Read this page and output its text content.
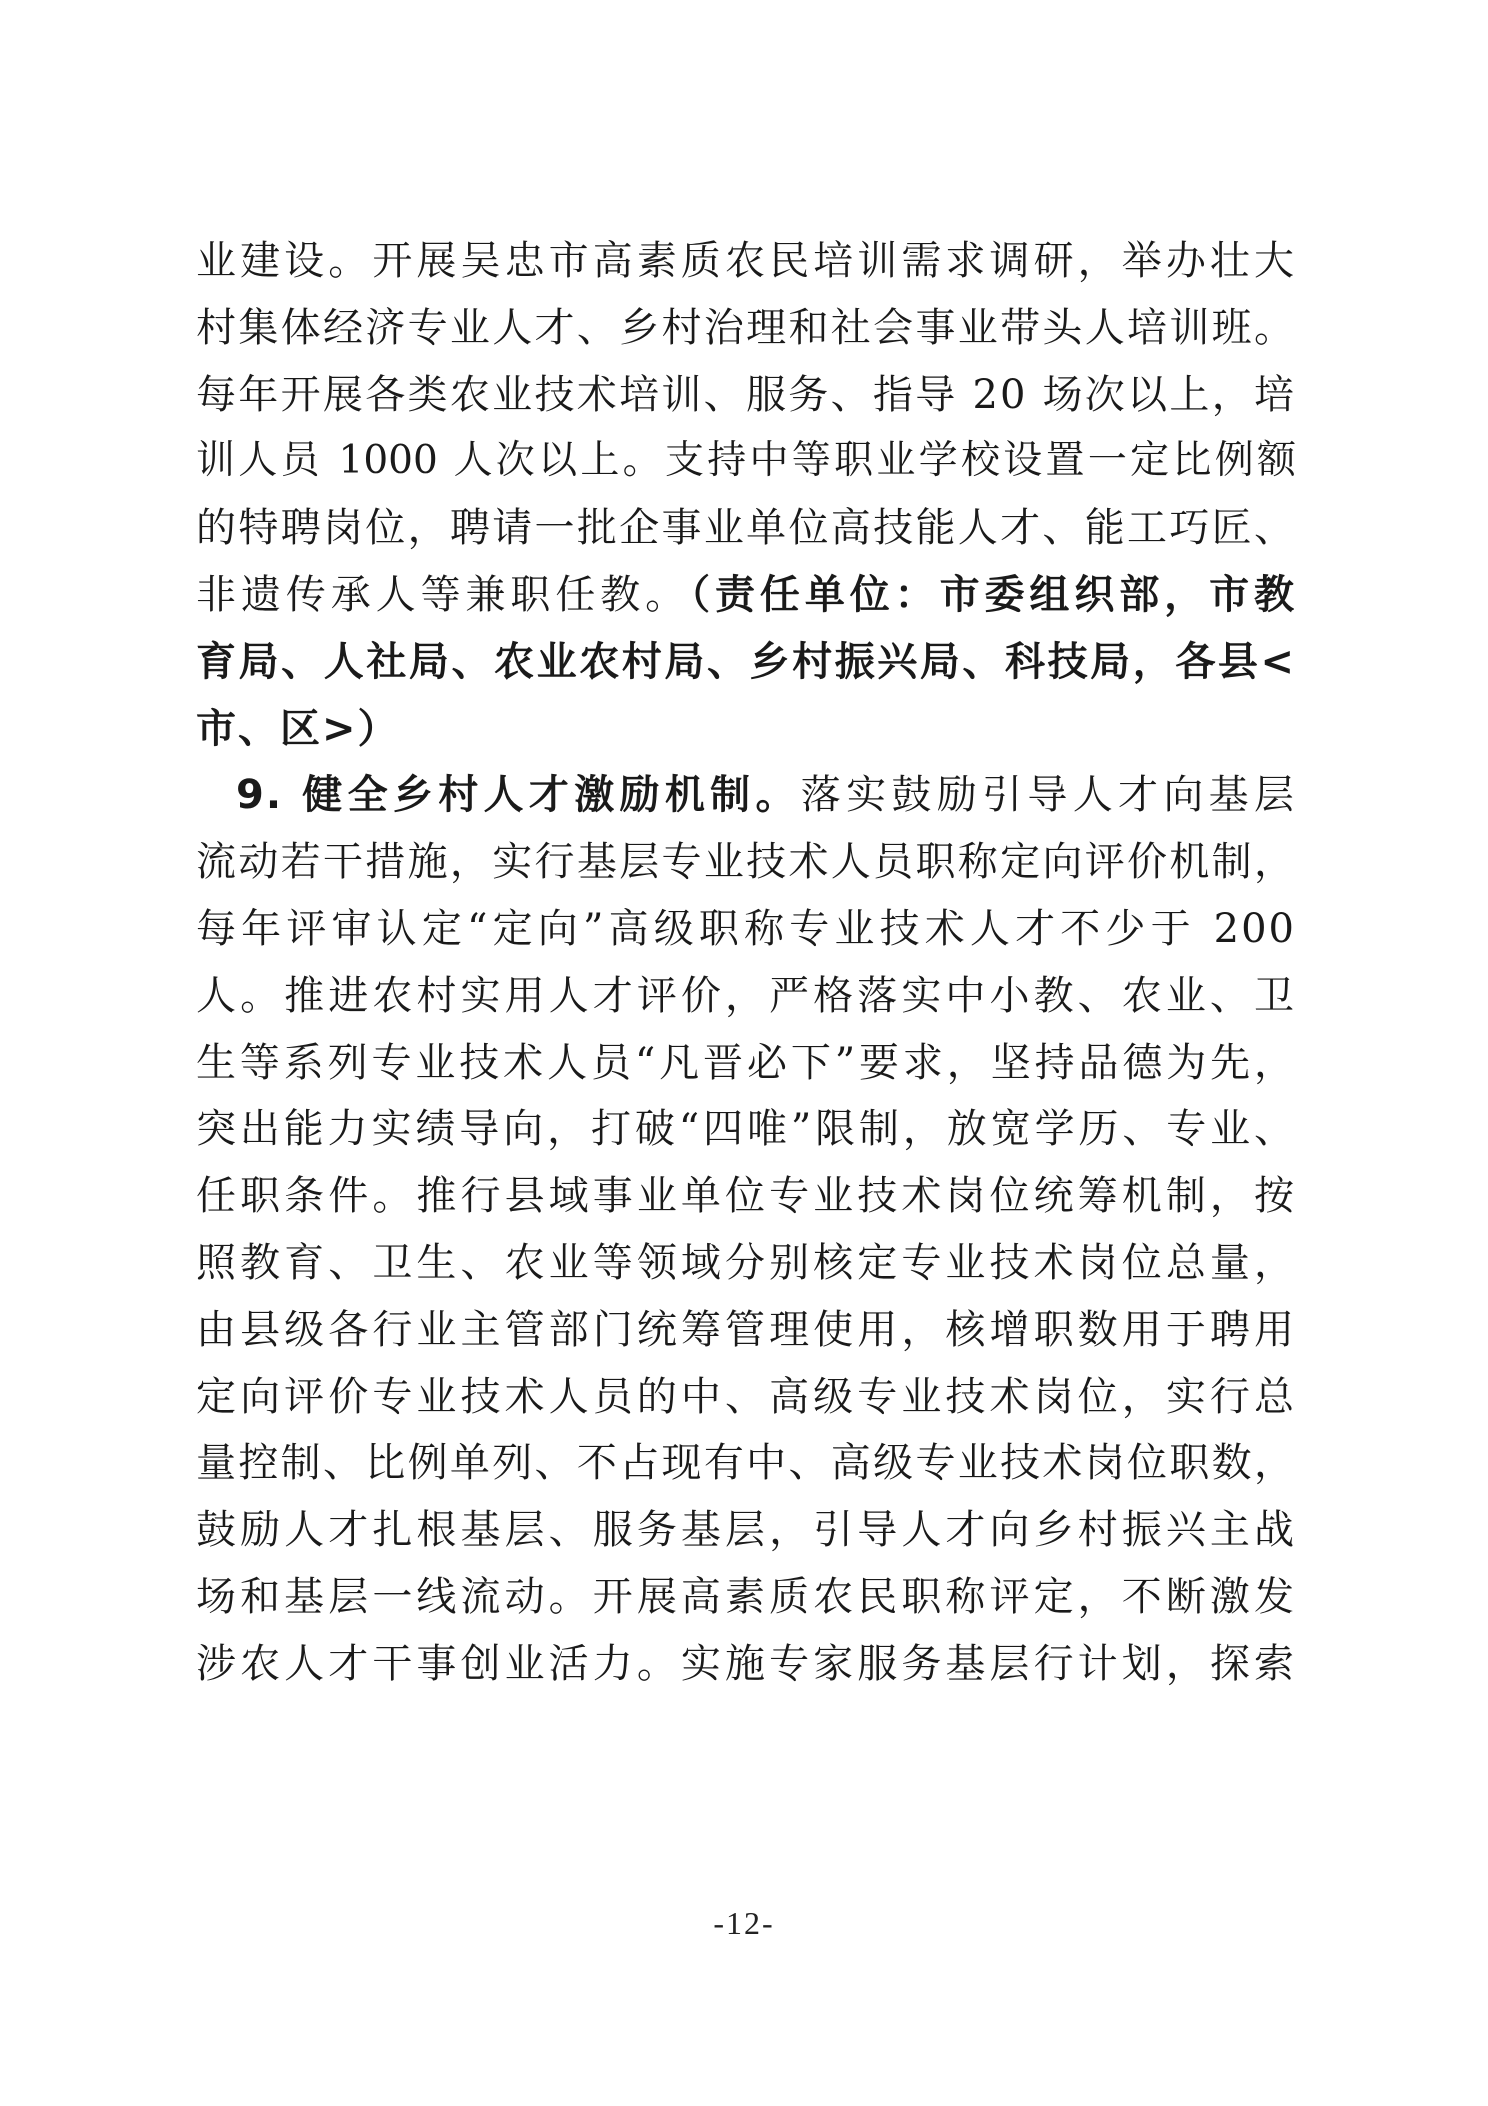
业建设。开展吴忠市高素质农民培训需求调研，举办壮大
村集体经济专业人才、乡村治理和社会事业带头人培训班。
每年开展各类农业技术培训、服务、指导 20 场次以上，培
训人员 1000 人次以上。支持中等职业学校设置一定比例额
的特聘岗位，聘请一批企事业单位高技能人才、能工巧匠、
非遗传承人等兼职任教。（责任单位：市委组织部，市教
育局、人社局、农业农村局、乡村振兴局、科技局，各县<
市、区>）
9. 健全乡村人才激励机制。落实鼓励引导人才向基层
流动若干措施，实行基层专业技术人员职称定向评价机制，
每年评审认定“定向”高级职称专业技术人才不少于 200
人。推进农村实用人才评价，严格落实中小教、农业、卫
生等系列专业技术人员“凡晋必下”要求，坚持品德为先，
突出能力实绩导向，打破“四唯”限制，放宽学历、专业、
任职条件。推行县域事业单位专业技术岗位统筹机制，按
照教育、卫生、农业等领域分别核定专业技术岗位总量，
由县级各行业主管部门统筹管理使用，核增职数用于聘用
定向评价专业技术人员的中、高级专业技术岗位，实行总
量控制、比例单列、不占现有中、高级专业技术岗位职数，
鼓励人才扎根基层、服务基层，引导人才向乡村振兴主战
场和基层一线流动。开展高素质农民职称评定，不断激发
涉农人才干事创业活力。实施专家服务基层行计划，探索
-12-
